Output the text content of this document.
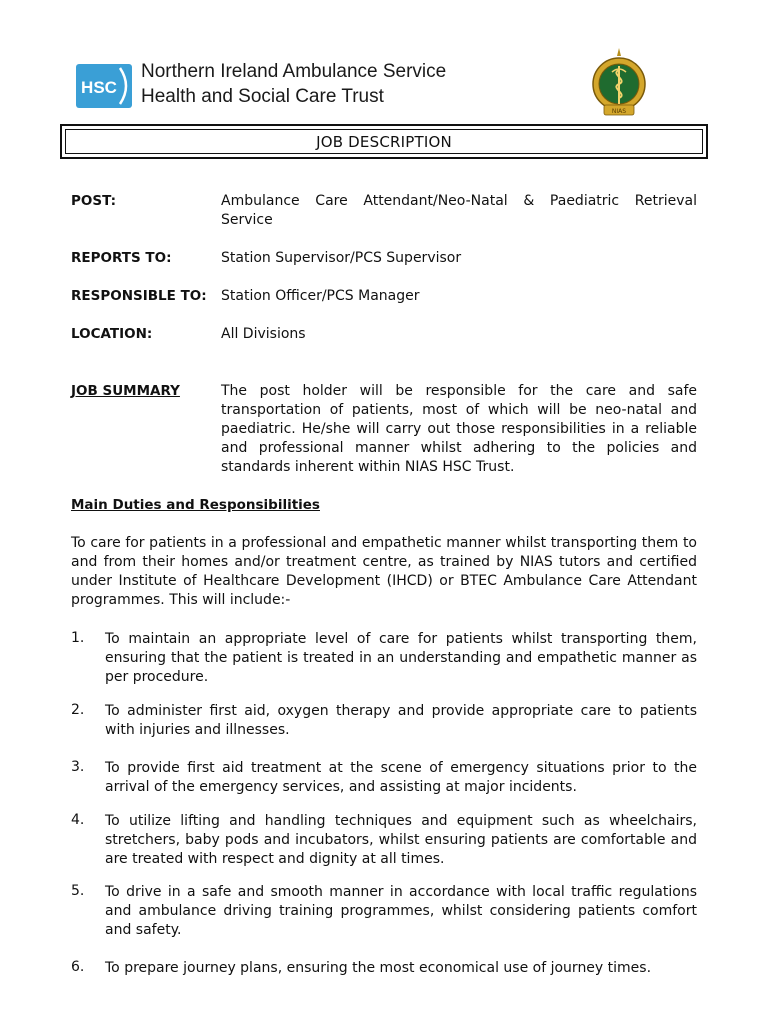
HSC
Northern Ireland Ambulance Service
Health and Social Care Trust
NIAS
JOB DESCRIPTION
POST:	Ambulance Care Attendant/Neo-Natal & Paediatric Retrieval Service
REPORTS TO:	Station Supervisor/PCS Supervisor
RESPONSIBLE TO: Station Officer/PCS Manager
LOCATION:	All Divisions
JOB SUMMARY	The post holder will be responsible for the care and safe transportation of patients, most of which will be neo-natal and paediatric. He/she will carry out those responsibilities in a reliable and professional manner whilst adhering to the policies and standards inherent within NIAS HSC Trust.
Main Duties and Responsibilities
To care for patients in a professional and empathetic manner whilst transporting them to and from their homes and/or treatment centre, as trained by NIAS tutors and certified under Institute of Healthcare Development (IHCD) or BTEC Ambulance Care Attendant programmes. This will include:-
1. To maintain an appropriate level of care for patients whilst transporting them, ensuring that the patient is treated in an understanding and empathetic manner as per procedure.
2. To administer first aid, oxygen therapy and provide appropriate care to patients with injuries and illnesses.
3. To provide first aid treatment at the scene of emergency situations prior to the arrival of the emergency services, and assisting at major incidents.
4. To utilize lifting and handling techniques and equipment such as wheelchairs, stretchers, baby pods and incubators, whilst ensuring patients are comfortable and are treated with respect and dignity at all times.
5. To drive in a safe and smooth manner in accordance with local traffic regulations and ambulance driving training programmes, whilst considering patients comfort and safety.
6. To prepare journey plans, ensuring the most economical use of journey times.
